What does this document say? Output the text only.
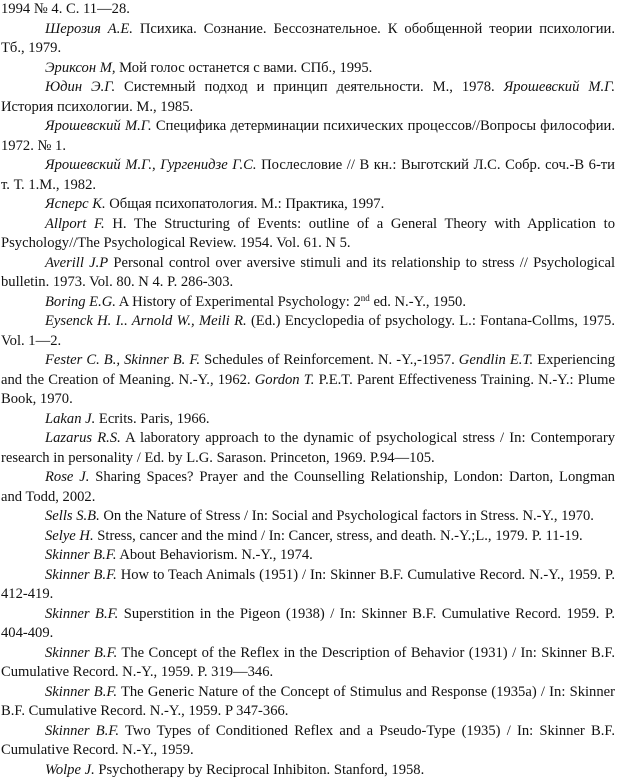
1994 № 4. С. 11—28.

Шерозия А.Е. Психика. Сознание. Бессознательное. К обобщенной теории психологии. Тб., 1979.

Эриксон М, Мой голос останется с вами. СПб., 1995.

Юдин Э.Г. Системный подход и принцип деятельности. М., 1978. Ярошевский М.Г. История психологии. М., 1985.

Ярошевский М.Г. Специфика детерминации психических процессов//Вопросы философии. 1972. № 1.

Ярошевский М.Г., Гургенидзе Г.С. Послесловие // В кн.: Выготский Л.С. Собр. соч.-В 6-ти т. Т. 1.М., 1982.

Ясперс К. Общая психопатология. М.: Практика, 1997.

Allport F. H. The Structuring of Events: outline of a General Theory with Application to Psychology//The Psychological Review. 1954. Vol. 61. N 5.

Averill J.P Personal control over aversive stimuli and its relationship to stress // Psychological bulletin. 1973. Vol. 80. N 4. P. 286-303.

Boring E.G. A History of Experimental Psychology: 2nd ed. N.-Y., 1950.

Eysenck H. I.. Arnold W., Meili R. (Ed.) Encyclopedia of psychology. L.: Fontana-Collms, 1975. Vol. 1—2.

Fester C. B., Skinner B. F. Schedules of Reinforcement. N. -Y.,-1957. Gendlin E.T. Experiencing and the Creation of Meaning. N.-Y., 1962. Gordon T. P.E.T. Parent Effectiveness Training. N.-Y.: Plume Book, 1970.

Lakan J. Ecrits. Paris, 1966.

Lazarus R.S. A laboratory approach to the dynamic of psychological stress / In: Contemporary research in personality / Ed. by L.G. Sarason. Princeton, 1969. P.94—105.

Rose J. Sharing Spaces? Prayer and the Counselling Relationship, London: Darton, Longman and Todd, 2002.

Sells S.B. On the Nature of Stress / In: Social and Psychological factors in Stress. N.-Y., 1970.

Selye H. Stress, cancer and the mind / In: Cancer, stress, and death. N.-Y.;L., 1979. P. 11-19.

Skinner B.F. About Behaviorism. N.-Y., 1974.

Skinner B.F. How to Teach Animals (1951) / In: Skinner B.F. Cumulative Record. N.-Y., 1959. P. 412-419.

Skinner B.F. Superstition in the Pigeon (1938) / In: Skinner B.F. Cumulative Record. 1959. P. 404-409.

Skinner B.F. The Concept of the Reflex in the Description of Behavior (1931) / In: Skinner B.F. Cumulative Record. N.-Y., 1959. P. 319—346.

Skinner B.F. The Generic Nature of the Concept of Stimulus and Response (1935a) / In: Skinner B.F. Cumulative Record. N.-Y., 1959. P 347-366.

Skinner B.F. Two Types of Conditioned Reflex and a Pseudo-Type (1935) / In: Skinner B.F. Cumulative Record. N.-Y., 1959.

Wolpe J. Psychotherapy by Reciprocal Inhibiton. Stanford, 1958.
